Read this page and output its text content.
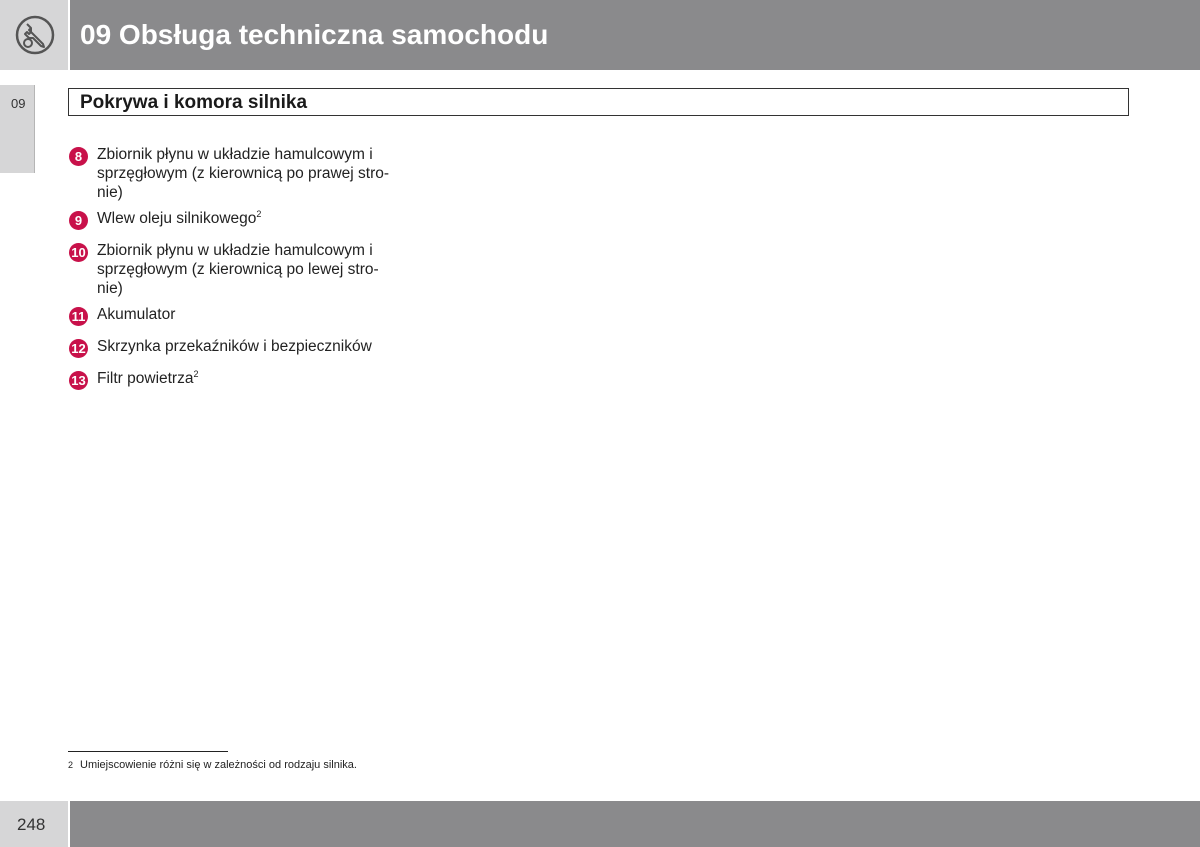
09 Obsługa techniczna samochodu
09	Pokrywa i komora silnika
8 Zbiornik płynu w układzie hamulcowym i
sprzęgłowym (z kierownicą po prawej stro-
nie)
9 Wlew oleju silnikowego$^2$
10 Zbiornik płynu w układzie hamulcowym i
sprzęgłowym (z kierownicą po lewej stro-
nie)
11 Akumulator
12 Skrzynka przekaźników i bezpieczników
13 Filtr powietrza$^2$
2 Umiejscowienie różni się w zależności od rodzaju silnika.
248
